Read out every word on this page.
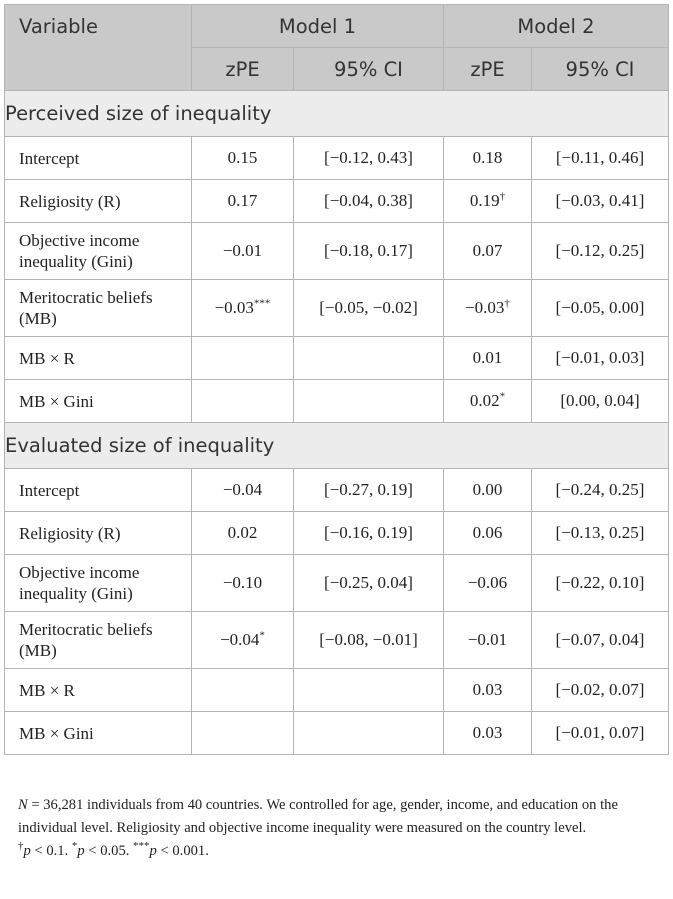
Variable	Model 1		Model 2	
	zPE	95% CI	zPE	95% CI
Perceived size of inequality				
Intercept	0.15	[−0.12, 0.43]	0.18	[−0.11, 0.46]
Religiosity (R)	0.17	[−0.04, 0.38]	0.19†	[−0.03, 0.41]
Objective income
inequality (Gini)	−0.01	[−0.18, 0.17]	0.07	[−0.12, 0.25]
Meritocratic beliefs
(MB)	−0.03***	[−0.05, −0.02]	−0.03†	[−0.05, 0.00]
MB × R			0.01	[−0.01, 0.03]
MB × Gini			0.02*	[0.00, 0.04]
Evaluated size of inequality				
Intercept	−0.04	[−0.27, 0.19]	0.00	[−0.24, 0.25]
Religiosity (R)	0.02	[−0.16, 0.19]	0.06	[−0.13, 0.25]
Objective income
inequality (Gini)	−0.10	[−0.25, 0.04]	−0.06	[−0.22, 0.10]
Meritocratic beliefs
(MB)	−0.04*	[−0.08, −0.01]	−0.01	[−0.07, 0.04]
MB × R			0.03	[−0.02, 0.07]
MB × Gini			0.03	[−0.01, 0.07]

N = 36,281 individuals from 40 countries. We controlled for age, gender, income, and education on the individual level. Religiosity and objective income inequality were measured on the country level.

†p < 0.1. *p < 0.05. ***p < 0.001.
